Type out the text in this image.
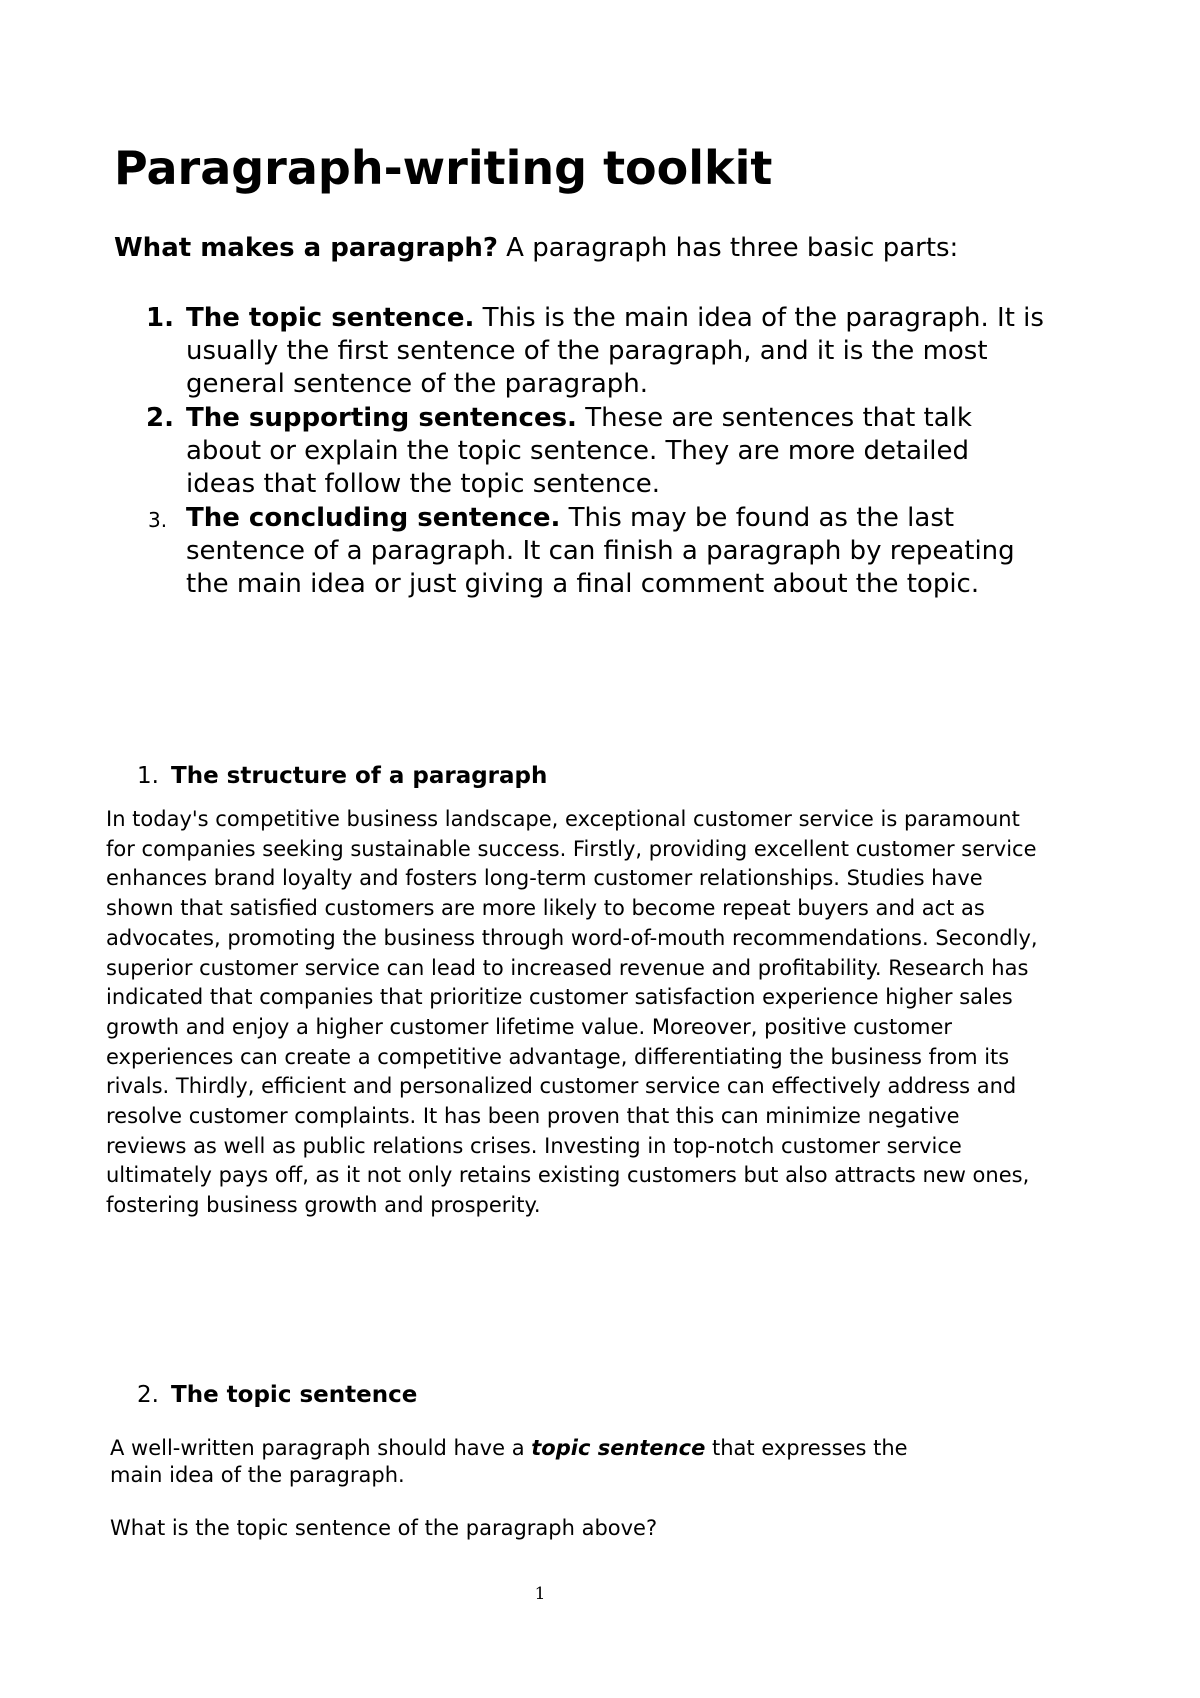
Paragraph-writing toolkit

What makes a paragraph? A paragraph has three basic parts:

1. The topic sentence. This is the main idea of the paragraph. It is usually the first sentence of the paragraph, and it is the most general sentence of the paragraph.
2. The supporting sentences. These are sentences that talk about or explain the topic sentence. They are more detailed ideas that follow the topic sentence.
3. The concluding sentence. This may be found as the last sentence of a paragraph. It can finish a paragraph by repeating the main idea or just giving a final comment about the topic.
1. The structure of a paragraph

In today's competitive business landscape, exceptional customer service is paramount for companies seeking sustainable success. Firstly, providing excellent customer service enhances brand loyalty and fosters long-term customer relationships. Studies have shown that satisfied customers are more likely to become repeat buyers and act as advocates, promoting the business through word-of-mouth recommendations. Secondly, superior customer service can lead to increased revenue and profitability. Research has indicated that companies that prioritize customer satisfaction experience higher sales growth and enjoy a higher customer lifetime value. Moreover, positive customer experiences can create a competitive advantage, differentiating the business from its rivals. Thirdly, efficient and personalized customer service can effectively address and resolve customer complaints. It has been proven that this can minimize negative reviews as well as public relations crises. Investing in top-notch customer service ultimately pays off, as it not only retains existing customers but also attracts new ones, fostering business growth and prosperity.

2. The topic sentence

A well-written paragraph should have a topic sentence that expresses the main idea of the paragraph.

What is the topic sentence of the paragraph above?

1
